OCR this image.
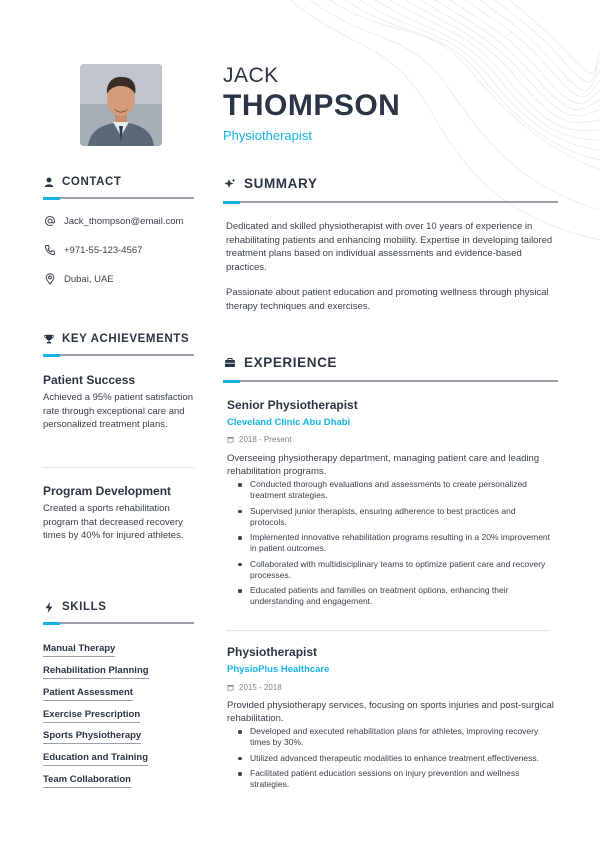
JACK
THOMPSON
Physiotherapist
CONTACT
Jack_thompson@email.com
+971-55-123-4567
Dubai, UAE
KEY ACHIEVEMENTS
Patient Success
Achieved a 95% patient satisfaction rate through exceptional care and personalized treatment plans.
Program Development
Created a sports rehabilitation program that decreased recovery times by 40% for injured athletes.
SKILLS
Manual Therapy
Rehabilitation Planning
Patient Assessment
Exercise Prescription
Sports Physiotherapy
Education and Training
Team Collaboration
SUMMARY
Dedicated and skilled physiotherapist with over 10 years of experience in rehabilitating patients and enhancing mobility. Expertise in developing tailored treatment plans based on individual assessments and evidence-based practices.
Passionate about patient education and promoting wellness through physical therapy techniques and exercises.
EXPERIENCE
Senior Physiotherapist
Cleveland Clinic Abu Dhabi
2018 - Present
Overseeing physiotherapy department, managing patient care and leading rehabilitation programs.
Conducted thorough evaluations and assessments to create personalized treatment strategies.
Supervised junior therapists, ensuring adherence to best practices and protocols.
Implemented innovative rehabilitation programs resulting in a 20% improvement in patient outcomes.
Collaborated with multidisciplinary teams to optimize patient care and recovery processes.
Educated patients and families on treatment options, enhancing their understanding and engagement.
Physiotherapist
PhysioPlus Healthcare
2015 - 2018
Provided physiotherapy services, focusing on sports injuries and post-surgical rehabilitation.
Developed and executed rehabilitation plans for athletes, improving recovery times by 30%.
Utilized advanced therapeutic modalities to enhance treatment effectiveness.
Facilitated patient education sessions on injury prevention and wellness strategies.
